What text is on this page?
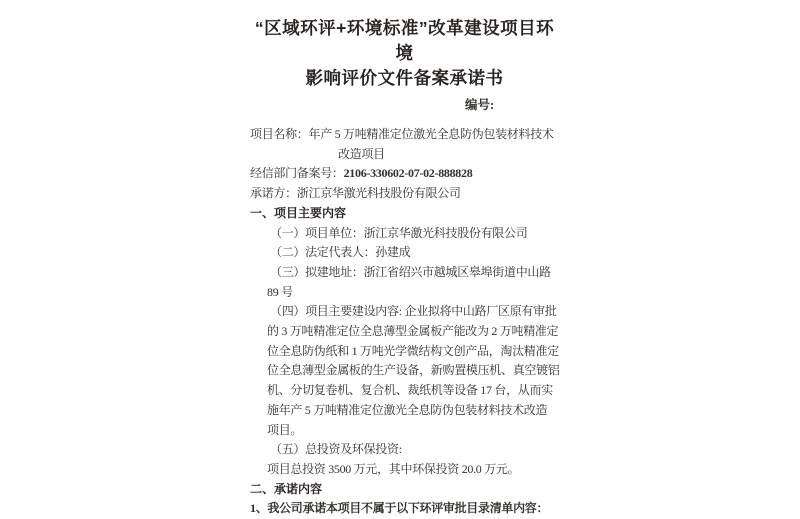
“区域环评+环境标准”改革建设项目环境
影响评价文件备案承诺书
编号:
项目名称：年产 5 万吨精准定位激光全息防伪包装材料技术
改造项目
经信部门备案号：2106-330602-07-02-888828
承诺方：浙江京华激光科技股份有限公司
一、项目主要内容
（一）项目单位：浙江京华激光科技股份有限公司
（二）法定代表人：孙建成
（三）拟建地址：浙江省绍兴市越城区皋埠街道中山路
89 号
（四）项目主要建设内容: 企业拟将中山路厂区原有审批
的 3 万吨精准定位全息薄型金属板产能改为 2 万吨精准定
位全息防伪纸和 1 万吨光学微结构文创产品，淘汰精准定
位全息薄型金属板的生产设备，新购置模压机、真空镀铝
机、分切复卷机、复合机、裁纸机等设备 17 台，从而实
施年产 5 万吨精准定位激光全息防伪包装材料技术改造
项目。
（五）总投资及环保投资:
项目总投资 3500 万元，其中环保投资 20.0 万元。
二、承诺内容
1、我公司承诺本项目不属于以下环评审批目录清单内容：
